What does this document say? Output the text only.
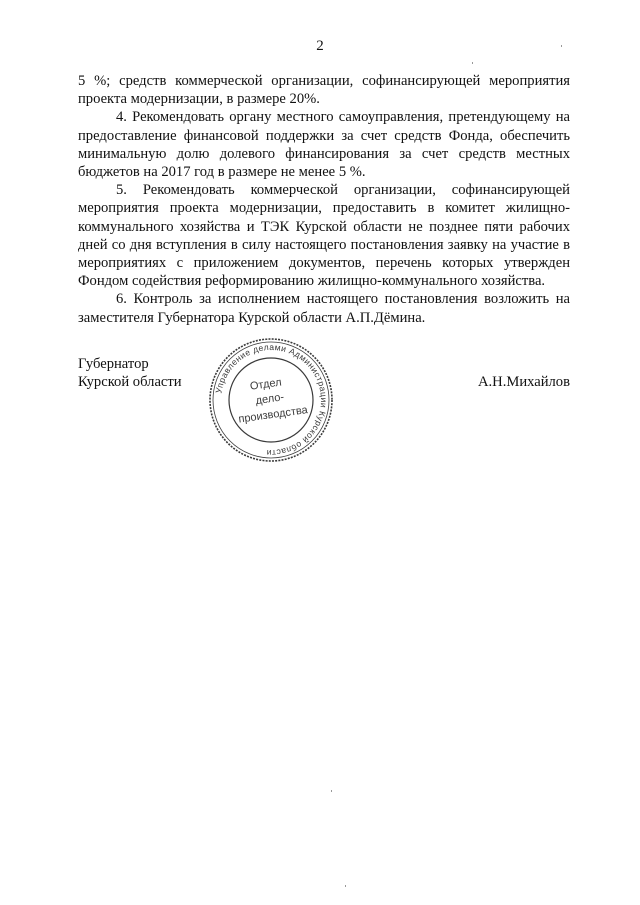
2

5 %; средств коммерческой организации, софинансирующей мероприятия проекта модернизации, в размере 20%.

4. Рекомендовать органу местного самоуправления, претендующему на предоставление финансовой поддержки за счет средств Фонда, обеспечить минимальную долю долевого финансирования за счет средств местных бюджетов на 2017 год в размере не менее 5 %.

5. Рекомендовать коммерческой организации, софинансирующей мероприятия проекта модернизации, предоставить в комитет жилищно-коммунального хозяйства и ТЭК Курской области не позднее пяти рабочих дней со дня вступления в силу настоящего постановления заявку на участие в мероприятиях с приложением документов, перечень которых утвержден Фондом содействия реформированию жилищно-коммунального хозяйства.

6. Контроль за исполнением настоящего постановления возложить на заместителя Губернатора Курской области А.П.Дёмина.

Губернатор
Курской области
Управление делами Администрации Курской области
Отдел
дело-
производства
А.Н.Михайлов
